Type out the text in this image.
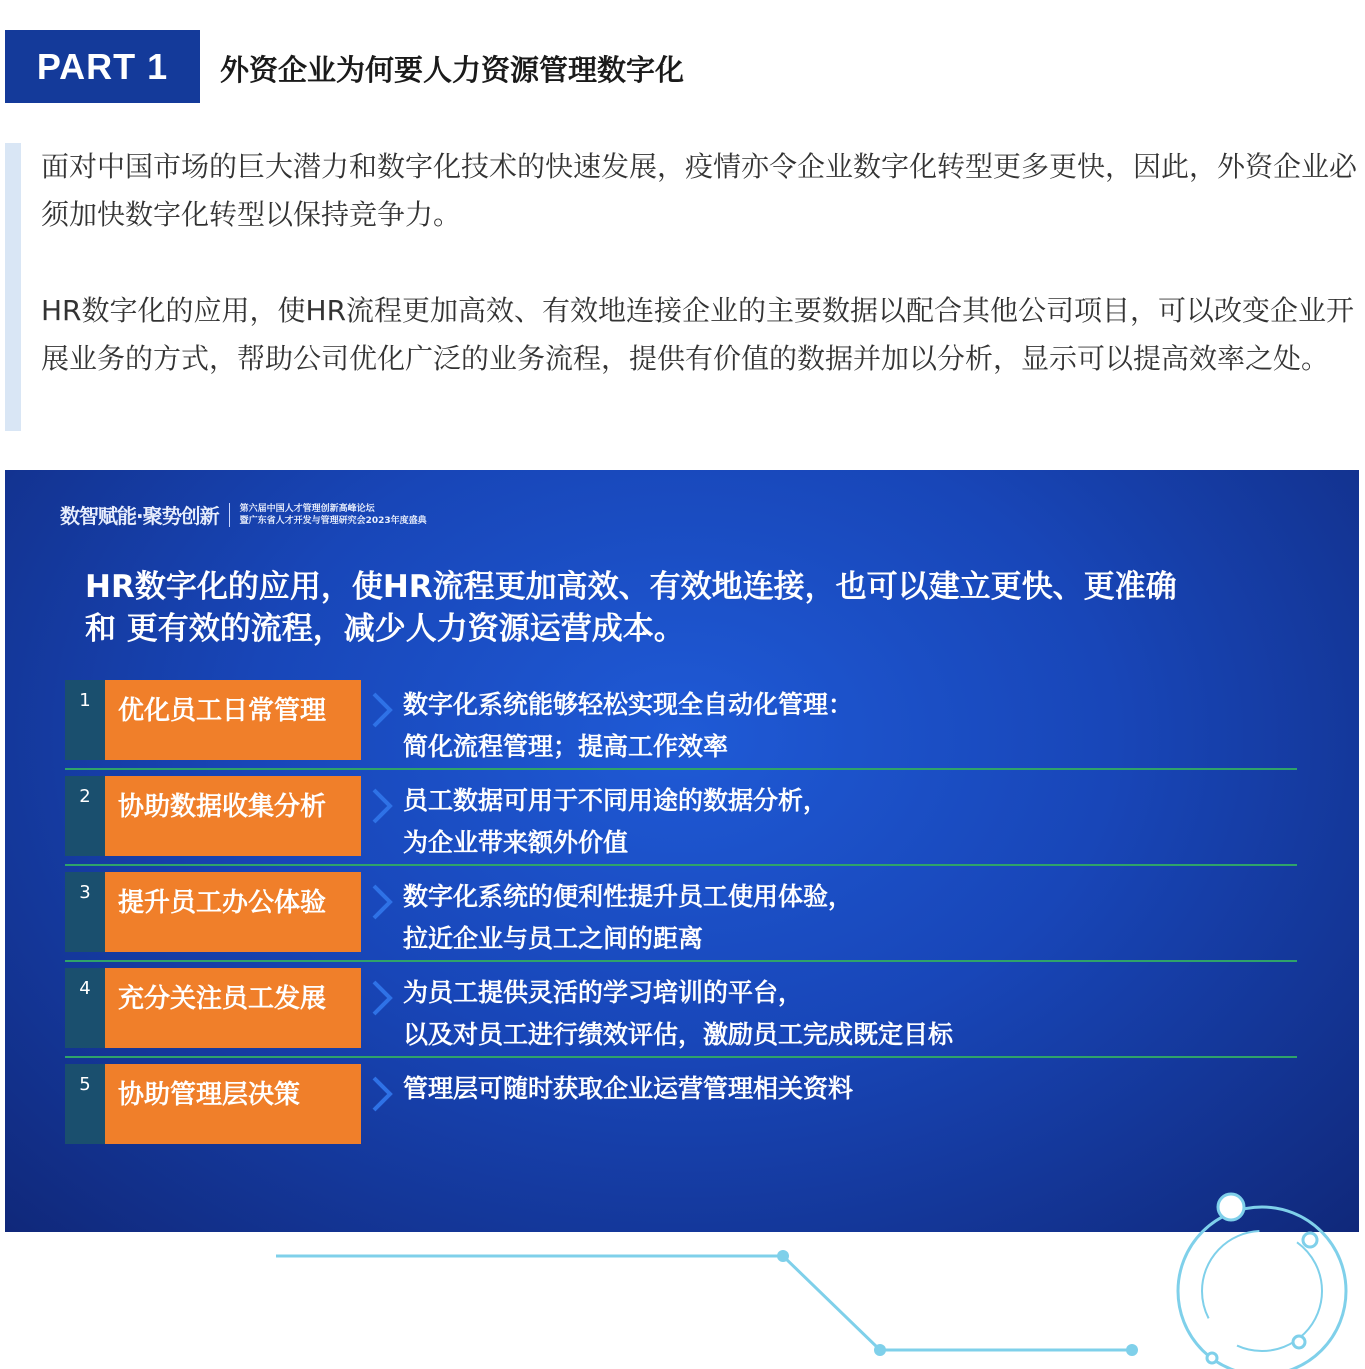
PART 1	外资企业为何要人力资源管理数字化

面对中国市场的巨大潜力和数字化技术的快速发展，疫情亦令企业数字化转型更多更快，因此，外资企业必须加快数字化转型以保持竞争力。

HR数字化的应用，使HR流程更加高效、有效地连接企业的主要数据以配合其他公司项目，可以改变企业开展业务的方式，帮助公司优化广泛的业务流程，提供有价值的数据并加以分析，显示可以提高效率之处。

数智赋能·聚势创新 第六届中国人才管理创新高峰论坛
暨广东省人才开发与管理研究会2023年度盛典
HR数字化的应用，使HR流程更加高效、有效地连接，也可以建立更快、更准确
和 更有效的流程，减少人力资源运营成本。
1	优化员工日常管理	数字化系统能够轻松实现全自动化管理：
简化流程管理；提高工作效率
2	协助数据收集分析	员工数据可用于不同用途的数据分析，
为企业带来额外价值
3	提升员工办公体验	数字化系统的便利性提升员工使用体验，
拉近企业与员工之间的距离
4	充分关注员工发展	为员工提供灵活的学习培训的平台，
以及对员工进行绩效评估，激励员工完成既定目标
5	协助管理层决策	管理层可随时获取企业运营管理相关资料
